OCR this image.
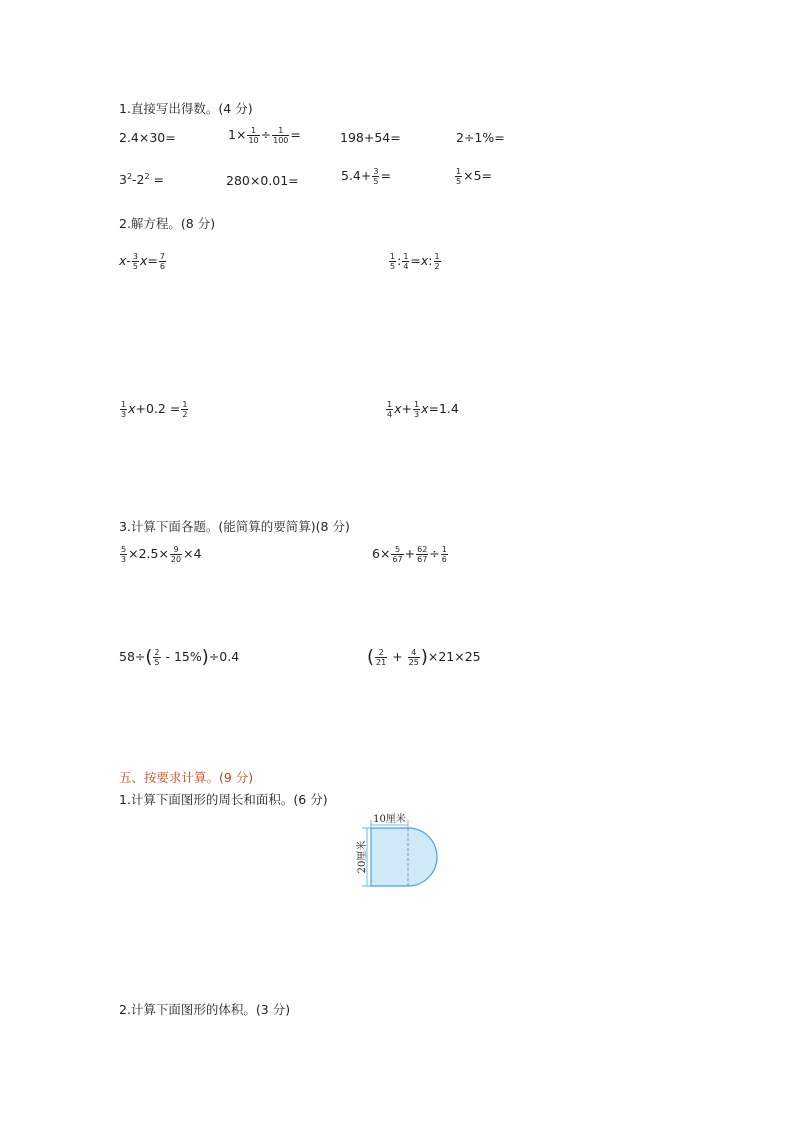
1.直接写出得数。(4 分)
2.4×30=	$1\times \frac{1}{10} \div \frac{1}{100}$ =	198+54=	2÷1%=
$3^2-2^2$ =	280×0.01=	$5.4+ \frac{3}{5}$ =	$\frac{1}{5} \times 5=$
2.解方程。(8 分)
$x- \frac{3}{5} x= \frac{7}{6}$	$\frac{1}{5}$ : $\frac{1}{4} =x$: $\frac{1}{2}$
$\frac{1}{3} x+0.2 = \frac{1}{2}$	$\frac{1}{4} x+ \frac{1}{3} x=1.4$
3.计算下面各题。(能简算的要简算)(8 分)
$\frac{5}{3} \times 2.5\times \frac{9}{20} \times 4$	$6\times \frac{5}{67} + \frac{62}{67} \div \frac{1}{6}$
$58\div( \frac{2}{5} - 15\%)\div 0.4$	( $\frac{2}{21} + \frac{4}{25} )\times 21\times 25$
五、按要求计算。(9 分)
1.计算下面图形的周长和面积。(6 分)
10厘米
20厘米
2.计算下面图形的体积。(3 分)
